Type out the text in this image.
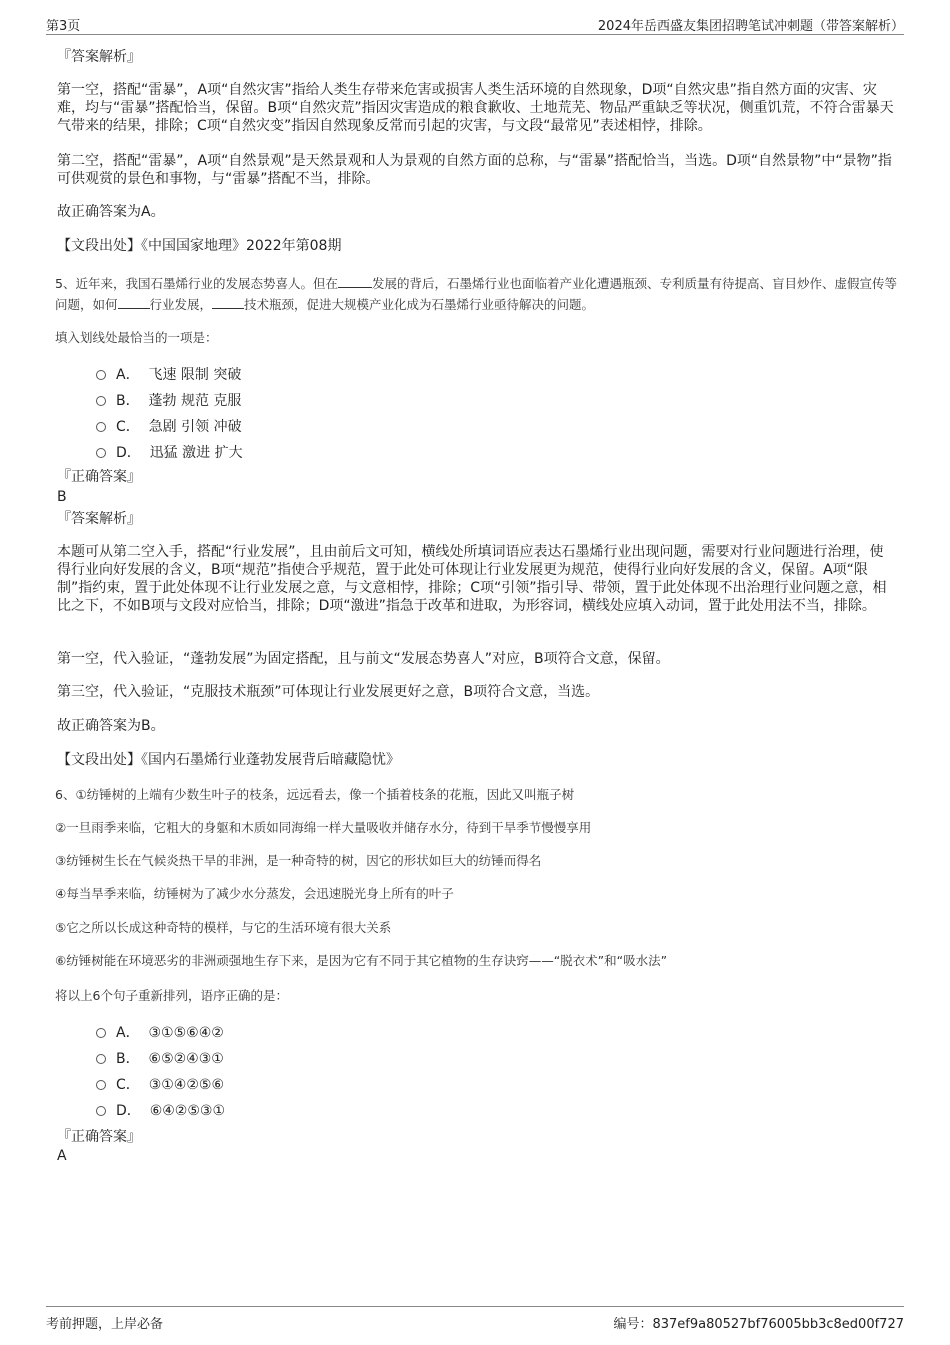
第3页	2024年岳西盛友集团招聘笔试冲刺题（带答案解析）
『答案解析』
第一空，搭配“雷暴”，A项“自然灾害”指给人类生存带来危害或损害人类生活环境的自然现象，D项“自然灾患”指自然方面的灾害、灾难，均与“雷暴”搭配恰当，保留。B项“自然灾荒”指因灾害造成的粮食歉收、土地荒芜、物品严重缺乏等状况，侧重饥荒，不符合雷暴天气带来的结果，排除；C项“自然灾变”指因自然现象反常而引起的灾害，与文段“最常见”表述相悖，排除。
第二空，搭配“雷暴”，A项“自然景观”是天然景观和人为景观的自然方面的总称，与“雷暴”搭配恰当，当选。D项“自然景物”中“景物”指可供观赏的景色和事物，与“雷暴”搭配不当，排除。
故正确答案为A。
【文段出处】《中国国家地理》2022年第08期
5、近年来，我国石墨烯行业的发展态势喜人。但在	发展的背后，石墨烯行业也面临着产业化遭遇瓶颈、专利质量有待提高、盲目炒作、虚假宣传等问题，如何	行业发展，	技术瓶颈，促进大规模产业化成为石墨烯行业亟待解决的问题。
填入划线处最恰当的一项是：
A． 飞速 限制 突破
B． 蓬勃 规范 克服
C． 急剧 引领 冲破
D． 迅猛 激进 扩大
『正确答案』
B
『答案解析』
本题可从第二空入手，搭配“行业发展”，且由前后文可知，横线处所填词语应表达石墨烯行业出现问题，需要对行业问题进行治理，使得行业向好发展的含义，B项“规范”指使合乎规范，置于此处可体现让行业发展更为规范，使得行业向好发展的含义，保留。A项“限制”指约束，置于此处体现不让行业发展之意，与文意相悖，排除；C项“引领”指引导、带领，置于此处体现不出治理行业问题之意，相比之下，不如B项与文段对应恰当，排除；D项“激进”指急于改革和进取，为形容词，横线处应填入动词，置于此处用法不当，排除。
第一空，代入验证，“蓬勃发展”为固定搭配，且与前文“发展态势喜人”对应，B项符合文意，保留。
第三空，代入验证，“克服技术瓶颈”可体现让行业发展更好之意，B项符合文意，当选。
故正确答案为B。
【文段出处】《国内石墨烯行业蓬勃发展背后暗藏隐忧》
6、①纺锤树的上端有少数生叶子的枝条，远远看去，像一个插着枝条的花瓶，因此又叫瓶子树
②一旦雨季来临，它粗大的身躯和木质如同海绵一样大量吸收并储存水分，待到干旱季节慢慢享用
③纺锤树生长在气候炎热干旱的非洲，是一种奇特的树，因它的形状如巨大的纺锤而得名
④每当旱季来临，纺锤树为了减少水分蒸发，会迅速脱光身上所有的叶子
⑤它之所以长成这种奇特的模样，与它的生活环境有很大关系
⑥纺锤树能在环境恶劣的非洲顽强地生存下来，是因为它有不同于其它植物的生存诀窍——“脱衣术”和“吸水法”
将以上6个句子重新排列，语序正确的是：
A． ③①⑤⑥④②
B． ⑥⑤②④③①
C． ③①④②⑤⑥
D． ⑥④②⑤③①
『正确答案』
A
考前押题，上岸必备	编号：837ef9a80527bf76005bb3c8ed00f727
